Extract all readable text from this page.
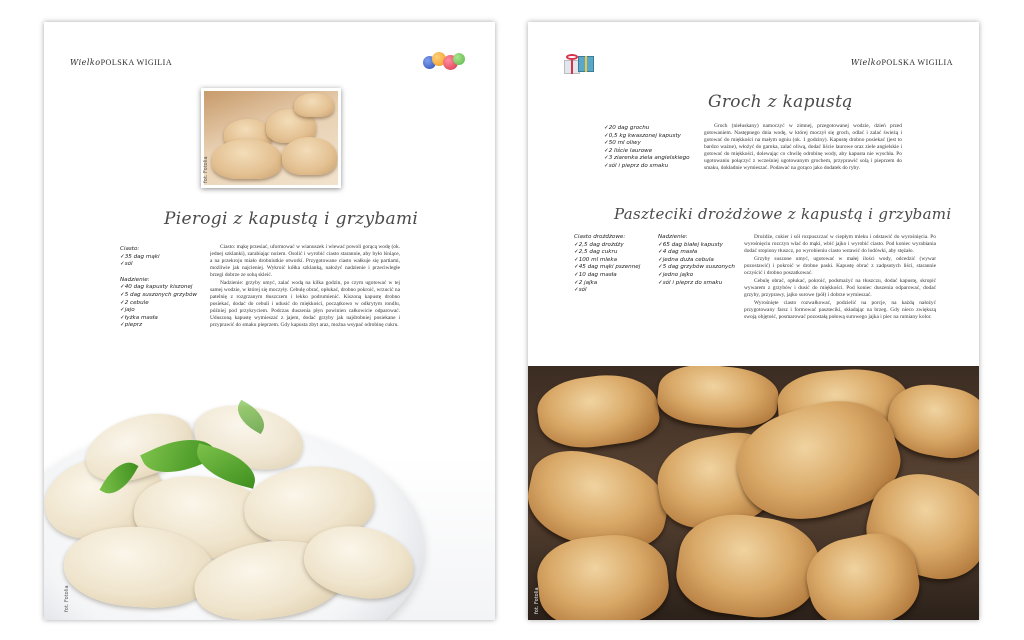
WielkoPOLSKA WIGILIA
fot. Fotolia
Pierogi z kapustą i grzybami
Ciasto:
✓ 35 dag mąki
✓ sól
Nadzienie:
✓ 40 dag kapusty kiszonej
✓ 5 dag suszonych grzybów
✓ 2 cebule
✓ jajo
✓ łyżka masła
✓ pieprz

Ciasto: mąkę przesiać, uformować w wianuszek i wlewać powoli gorącą wodę (ok. jednej szklanki), zarabiając nożem. Osolić i wyrobić ciasto starannie, aby było lśniące, a na przekroju miało drobniutkie otworki. Przygotowane ciasto wałkuje się partiami, możliwie jak najcieniej. Wykroić kółka szklanką, nałożyć nadzienie i przeciwległe brzegi dobrze ze sobą skleić.

Nadzienie: grzyby umyć, zalać wodą na kilka godzin, po czym ugotować w tej samej wodzie, w której się moczyły. Cebulę obrać, opłukać, drobno pokroić, wrzucić na patelnię z rozgrzanym tłuszczem i lekko podrumienić. Kiszoną kapustę drobno posiekać, dodać do cebuli i udusić do miękkości, początkowo w odkrytym rondlu, później pod przykryciem. Podczas duszenia płyn powinien całkowicie odparować. Uduszoną kapustę wymieszać z jajem, dodać grzyby jak najdrobniej posiekane i przyprawić do smaku pieprzem. Gdy kapusta zbyt araz, można wsypać odrobinę cukru.

fot. Fotolia
WielkoPOLSKA WIGILIA
Groch z kapustą
✓ 20 dag grochu
✓ 0,5 kg kwaszonej kapusty
✓ 50 ml oliwy
✓ 2 liście laurowe
✓ 3 ziarenka ziela angielskiego
✓ sól i pieprz do smaku

Groch (niełuskany) namoczyć w zimnej, przegotowanej wodzie, dzień przed gotowaniem. Następnego dnia wodę, w której moczył się groch, odlać i zalać świeżą i gotować do miękkości na małym ogniu (ok. 1 godziny). Kapustę drobno posiekać (jest to bardzo ważne), włożyć do garnka, zalać oliwą, dodać liście laurowe oraz ziele angielskie i gotować do miękkości, dolewając co chwilę odrobinę wody, aby kapusta nie wyschła. Po ugotowaniu połączyć z wcześniej ugotowanym grochem, przyprawić solą i pieprzem do smaku, dokładnie wymieszać. Podawać na gorąco jako dodatek do ryby.

Paszteciki drożdżowe z kapustą i grzybami
Ciasto drożdżowe:
✓ 2,5 dag drożdży
✓ 2,5 dag cukru
✓ 100 ml mleka
✓ 45 dag mąki pszennej
✓ 10 dag masła
✓ 2 jajka
✓ sól
Nadzienie:
✓ 65 dag białej kapusty
✓ 4 dag masła
✓ jedna duża cebula
✓ 5 dag grzybów suszonych
✓ jedno jajko
✓ sól i pieprz do smaku

Drożdże, cukier i sól rozpuszczać w ciepłym mleku i odstawić do wyrośnięcia. Po wyrośnięciu rozczyn wlać do mąki, wbić jajko i wyrobić ciasto. Pod koniec wyrabiania dodać stopiony tłuszcz, po wyrobieniu ciasto wstawić do lodówki, aby stężało.

Grzyby suszone umyć, ugotować w małej ilości wody, odcedzić (wywar pozostawić) i pokroić w drobne paski. Kapustę obrać z zadpsutych liści, starannie oczyścić i drobno poszatkować.

Cebulę obrać, opłukać, pokroić, podsmażyć na tłuszczu, dodać kapustę, skropić wywarem z grzybów i dusić do miękkości. Pod koniec duszenia odparować, dodać grzyby, przyprawy, jajko surowe (pół) i dobrze wymieszać.

Wyrośnięte ciasto rozwałkować, podzielić na porcje, na każdą nałożyć przygotowany farsz i formować paszteciki, składając na brzeg. Gdy nieco zwiększą swoją objętość, posmarować pozostałą połową surowego jajka i piec na rumiany kolor.

fot. Fotolia
